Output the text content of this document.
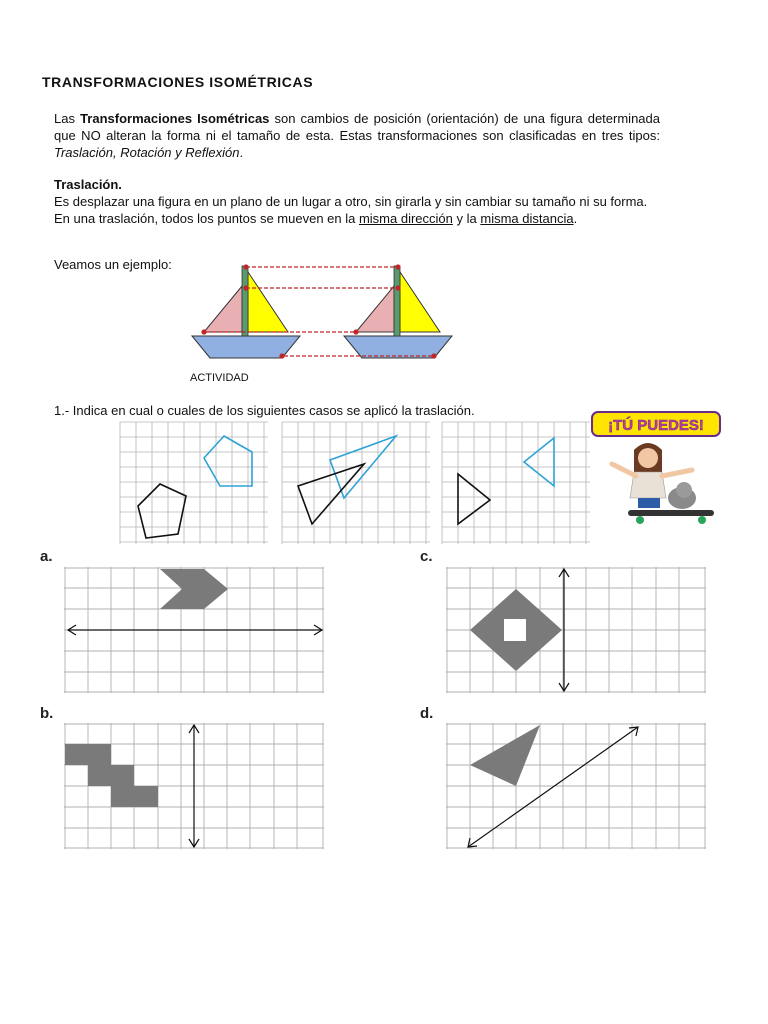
TRANSFORMACIONES ISOMÉTRICAS
Las Transformaciones Isométricas son cambios de posición (orientación) de una figura determinada que NO alteran la forma ni el tamaño de esta. Estas transformaciones son clasificadas en tres tipos: Traslación, Rotación y Reflexión.
Traslación.
Es desplazar una figura en un plano de un lugar a otro, sin girarla y sin cambiar su tamaño ni su forma.
En una traslación, todos los puntos se mueven en la misma dirección y la misma distancia.
Veamos un ejemplo:
ACTIVIDAD
1.- Indica en cual o cuales de los siguientes casos se aplicó la traslación.
¡TÚ PUEDES!
a.	c.
b.	d.
